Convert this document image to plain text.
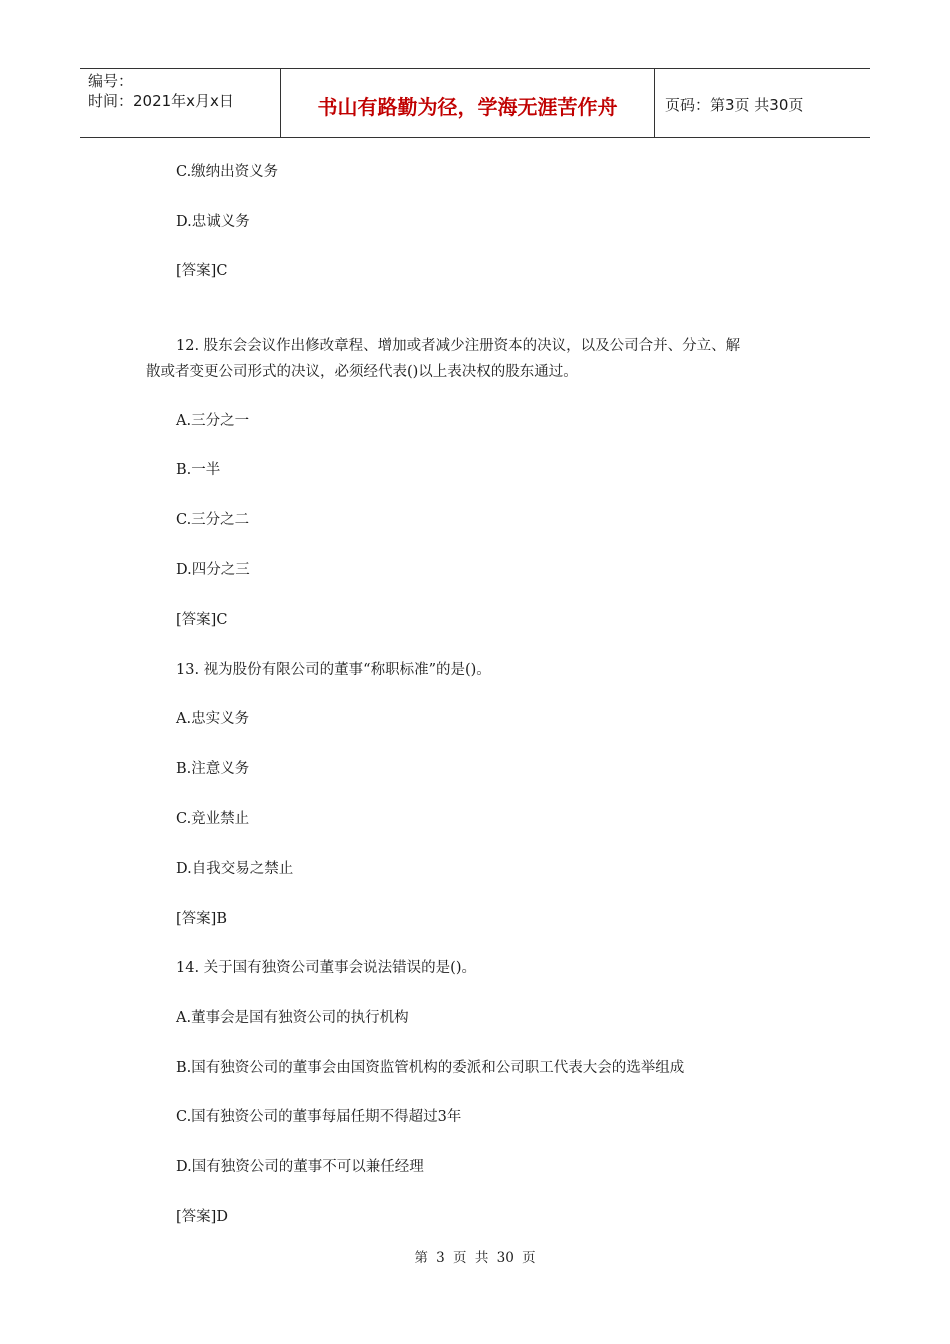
编号：
时间：2021年x月x日	书山有路勤为径，学海无涯苦作舟	页码：第3页 共30页
C.缴纳出资义务
D.忠诚义务
[答案]C
12. 股东会会议作出修改章程、增加或者减少注册资本的决议，以及公司合并、分立、解
散或者变更公司形式的决议，必须经代表()以上表决权的股东通过。
A.三分之一
B.一半
C.三分之二
D.四分之三
[答案]C
13. 视为股份有限公司的董事“称职标准”的是()。
A.忠实义务
B.注意义务
C.竞业禁止
D.自我交易之禁止
[答案]B
14. 关于国有独资公司董事会说法错误的是()。
A.董事会是国有独资公司的执行机构
B.国有独资公司的董事会由国资监管机构的委派和公司职工代表大会的选举组成
C.国有独资公司的董事每届任期不得超过3年
D.国有独资公司的董事不可以兼任经理
[答案]D
第 3 页 共 30 页
